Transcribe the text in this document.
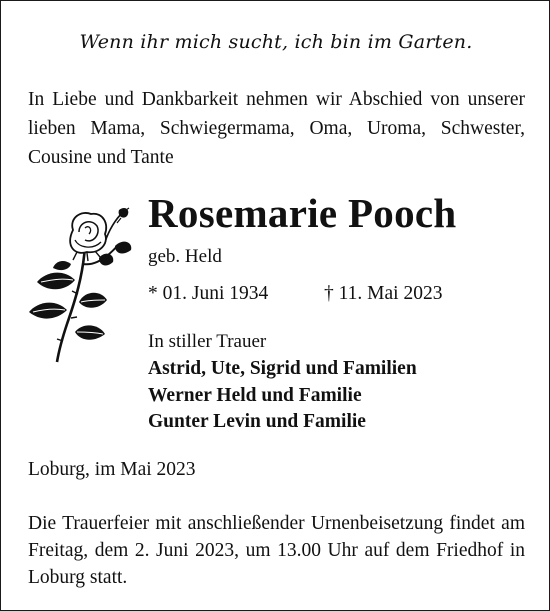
Wenn ihr mich sucht, ich bin im Garten.
In Liebe und Dankbarkeit nehmen wir Abschied von unserer lieben Mama, Schwiegermama, Oma, Uroma, Schwester, Cousine und Tante
Rosemarie Pooch
geb. Held
* 01. Juni 1934	† 11. Mai 2023
In stiller Trauer
Astrid, Ute, Sigrid und Familien
Werner Held und Familie
Gunter Levin und Familie
Loburg, im Mai 2023
Die Trauerfeier mit anschließender Urnenbeisetzung findet am Freitag, dem 2. Juni 2023, um 13.00 Uhr auf dem Friedhof in Loburg statt.
